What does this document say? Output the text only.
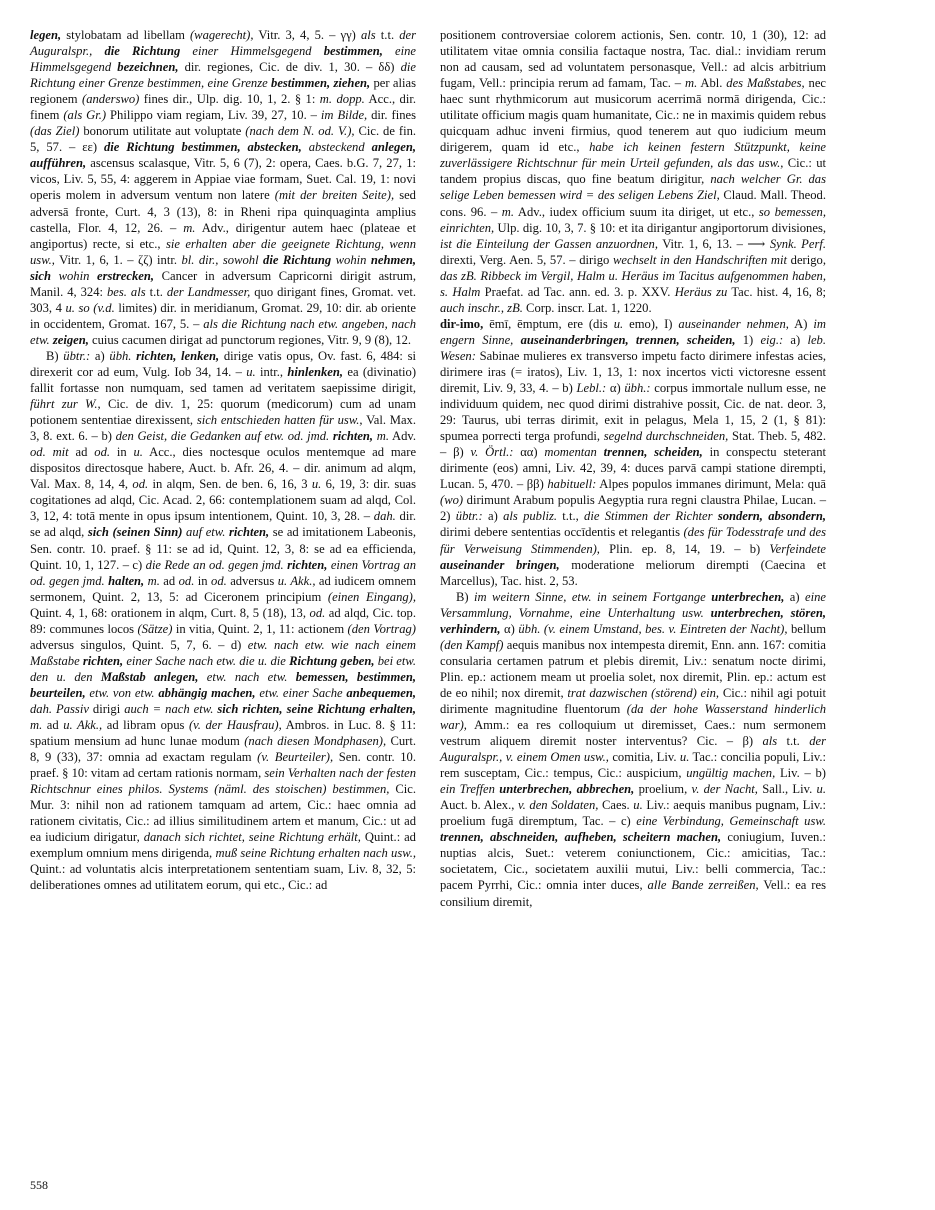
legen, stylobatam ad libellam (wagerecht), Vitr. 3, 4, 5. – γγ) als t.t. der Auguralspr., die Richtung einer Himmelsgegend bestimmen, eine Himmelsgegend bezeichnen, dir. regiones, Cic. de div. 1, 30. – δδ) die Richtung einer Grenze bestimmen, eine Grenze bestimmen, ziehen, per alias regionem (anderswo) fines dir., Ulp. dig. 10, 1, 2. § 1: m. dopp. Acc., dir. finem (als Gr.) Philippo viam regiam, Liv. 39, 27, 10. – im Bilde, dir. fines (das Ziel) bonorum utilitate aut voluptate (nach dem N. od. V.), Cic. de fin. 5, 57. – εε) die Richtung bestimmen, abstecken, absteckend anlegen, aufführen, ascensus scalasque, Vitr. 5, 6 (7), 2: opera, Caes. b.G. 7, 27, 1: vicos, Liv. 5, 55, 4: aggerem in Appiae viae formam, Suet. Cal. 19, 1: novi operis molem in adversum ventum non latere (mit der breiten Seite), sed adversā fronte, Curt. 4, 3 (13), 8: in Rheni ripa quinquaginta amplius castella, Flor. 4, 12, 26. – m. Adv., dirigentur autem haec (plateae et angiportus) recte, si etc., sie erhalten aber die geeignete Richtung, wenn usw., Vitr. 1, 6, 1. – ζζ) intr. bl. dir., sowohl die Richtung wohin nehmen, sich wohin erstrecken, Cancer in adversum Capricorni dirigit astrum, Manil. 4, 324: bes. als t.t. der Landmesser, quo dirigant fines, Gromat. vet. 303, 4 u. so (v.d. limites) dir. in meridianum, Gromat. 29, 10: dir. ab oriente in occidentem, Gromat. 167, 5. – als die Richtung nach etw. angeben, nach etw. zeigen, cuius cacumen dirigat ad punctorum regiones, Vitr. 9, 9 (8), 12.

B) übtr.: a) übh. richten, lenken, dirige vatis opus, Ov. fast. 6, 484: si direxerit cor ad eum, Vulg. Iob 34, 14. – u. intr., hinlenken, ea (divinatio) fallit fortasse non numquam, sed tamen ad veritatem saepissime dirigit, führt zur W., Cic. de div. 1, 25: quorum (medicorum) cum ad unam potionem sententiae direxissent, sich entschieden hatten für usw., Val. Max. 3, 8. ext. 6. – b) den Geist, die Gedanken auf etw. od. jmd. richten, m. Adv. od. mit ad od. in u. Acc., dies noctesque oculos mentemque ad mare dispositos directosque habere, Auct. b. Afr. 26, 4. – dir. animum ad alqm, Val. Max. 8, 14, 4, od. in alqm, Sen. de ben. 6, 16, 3 u. 6, 19, 3: dir. suas cogitationes ad alqd, Cic. Acad. 2, 66: contemplationem suam ad alqd, Col. 3, 12, 4: totā mente in opus ipsum intentionem, Quint. 10, 3, 28. – dah. dir. se ad alqd, sich (seinen Sinn) auf etw. richten, se ad imitationem Labeonis, Sen. contr. 10. praef. § 11: se ad id, Quint. 12, 3, 8: se ad ea efficienda, Quint. 10, 1, 127. – c) die Rede an od. gegen jmd. richten, einen Vortrag an od. gegen jmd. halten, m. ad od. in od. adversus u. Akk., ad iudicem omnem sermonem, Quint. 2, 13, 5: ad Ciceronem principium (einen Eingang), Quint. 4, 1, 68: orationem in alqm, Curt. 8, 5 (18), 13, od. ad alqd, Cic. top. 89: communes locos (Sätze) in vitia, Quint. 2, 1, 11: actionem (den Vortrag) adversus singulos, Quint. 5, 7, 6. – d) etw. nach etw. wie nach einem Maßstabe richten, einer Sache nach etw. die u. die Richtung geben, bei etw. den u. den Maßstab anlegen, etw. nach etw. bemessen, bestimmen, beurteilen, etw. von etw. abhängig machen, etw. einer Sache anbequemen, dah. Passiv dirigi auch = nach etw. sich richten, seine Richtung erhalten, m. ad u. Akk., ad libram opus (v. der Hausfrau), Ambros. in Luc. 8. § 11: spatium mensium ad hunc lunae modum (nach diesen Mondphasen), Curt. 8, 9 (33), 37: omnia ad exactam regulam (v. Beurteiler), Sen. contr. 10. praef. § 10: vitam ad certam rationis normam, sein Verhalten nach der festen Richtschnur eines philos. Systems (näml. des stoischen) bestimmen, Cic. Mur. 3: nihil non ad rationem tamquam ad artem, Cic.: haec omnia ad rationem civitatis, Cic.: ad illius similitudinem artem et manum, Cic.: ut ad ea iudicium dirigatur, danach sich richtet, seine Richtung erhält, Quint.: ad exemplum omnium mens dirigenda, muß seine Richtung erhalten nach usw., Quint.: ad voluntatis alcis interpretationem sententiam suam, Liv. 8, 32, 5: deliberationes omnes ad utilitatem eorum, qui etc., Cic.: ad

positionem controversiae colorem actionis, Sen. contr. 10, 1 (30), 12: ad utilitatem vitae omnia consilia factaque nostra, Tac. dial.: invidiam rerum non ad causam, sed ad voluntatem personasque, Vell.: ad alcis arbitrium fugam, Vell.: principia rerum ad famam, Tac. – m. Abl. des Maßstabes, nec haec sunt rhythmicorum aut musicorum acerrimā normā dirigenda, Cic.: utilitate officium magis quam humanitate, Cic.: ne in maximis quidem rebus quicquam adhuc inveni firmius, quod tenerem aut quo iudicium meum dirigerem, quam id etc., habe ich keinen festern Stützpunkt, keine zuverlässigere Richtschnur für mein Urteil gefunden, als das usw., Cic.: ut tandem propius discas, quo fine beatum dirigitur, nach welcher Gr. das selige Leben bemessen wird = des seligen Lebens Ziel, Claud. Mall. Theod. cons. 96. – m. Adv., iudex officium suum ita diriget, ut etc., so bemessen, einrichten, Ulp. dig. 10, 3, 7. § 10: et ita dirigantur angiportorum divisiones, ist die Einteilung der Gassen anzuordnen, Vitr. 1, 6, 13. – ⟶ Synk. Perf. direxti, Verg. Aen. 5, 57. – dirigo wechselt in den Handschriften mit derigo, das zB. Ribbeck im Vergil, Halm u. Heräus im Tacitus aufgenommen haben, s. Halm Praefat. ad Tac. ann. ed. 3. p. XXV. Heräus zu Tac. hist. 4, 16, 8; auch inschr., zB. Corp. inscr. Lat. 1, 1220.

dir-imo, ēmī, ēmptum, ere (dis u. emo), I) auseinander nehmen, A) im engern Sinne, auseinanderbringen, trennen, scheiden, 1) eig.: a) leb. Wesen: Sabinae mulieres ex transverso impetu facto dirimere infestas acies, dirimere iras (= iratos), Liv. 1, 13, 1: nox incertos victi victoresne essent diremit, Liv. 9, 33, 4. – b) Lebl.: α) übh.: corpus immortale nullum esse, ne individuum quidem, nec quod dirimi distrahive possit, Cic. de nat. deor. 3, 29: Taurus, ubi terras dirimit, exit in pelagus, Mela 1, 15, 2 (1, § 81): spumea porrecti terga profundi, segelnd durchschneiden, Stat. Theb. 5, 482. – β) v. Örtl.: αα) momentan trennen, scheiden, in conspectu steterant dirimente (eos) amni, Liv. 42, 39, 4: duces parvā campi statione dirempti, Lucan. 5, 470. – ββ) habituell: Alpes populos immanes dirimunt, Mela: quā (wo) dirimunt Arabum populis Aegyptia rura regni claustra Philae, Lucan. – 2) übtr.: a) als publiz. t.t., die Stimmen der Richter sondern, absondern, dirimi debere sententias occīdentis et relegantis (des für Todesstrafe und des für Verweisung Stimmenden), Plin. ep. 8, 14, 19. – b) Verfeindete auseinander bringen, moderatione meliorum dirempti (Caecina et Marcellus), Tac. hist. 2, 53.

B) im weitern Sinne, etw. in seinem Fortgange unterbrechen, a) eine Versammlung, Vornahme, eine Unterhaltung usw. unterbrechen, stören, verhindern, α) übh. (v. einem Umstand, bes. v. Eintreten der Nacht), bellum (den Kampf) aequis manibus nox intempesta diremit, Enn. ann. 167: comitia consularia certamen patrum et plebis diremit, Liv.: senatum nocte dirimi, Plin. ep.: actionem meam ut proelia solet, nox diremit, Plin. ep.: actum est de eo nihil; nox diremit, trat dazwischen (störend) ein, Cic.: nihil agi potuit dirimente magnitudine fluentorum (da der hohe Wasserstand hinderlich war), Amm.: ea res colloquium ut diremisset, Caes.: num sermonem vestrum aliquem diremit noster interventus? Cic. – β) als t.t. der Auguralspr., v. einem Omen usw., comitia, Liv. u. Tac.: concilia populi, Liv.: rem susceptam, Cic.: tempus, Cic.: auspicium, ungültig machen, Liv. – b) ein Treffen unterbrechen, abbrechen, proelium, v. der Nacht, Sall., Liv. u. Auct. b. Alex., v. den Soldaten, Caes. u. Liv.: aequis manibus pugnam, Liv.: proelium fugā diremptum, Tac. – c) eine Verbindung, Gemeinschaft usw. trennen, abschneiden, aufheben, scheitern machen, coniugium, Iuven.: nuptias alcis, Suet.: veterem coniunctionem, Cic.: amicitias, Tac.: societatem, Cic., societatem auxilii mutui, Liv.: belli commercia, Tac.: pacem Pyrrhi, Cic.: omnia inter duces, alle Bande zerreißen, Vell.: ea res consilium diremit,

558
